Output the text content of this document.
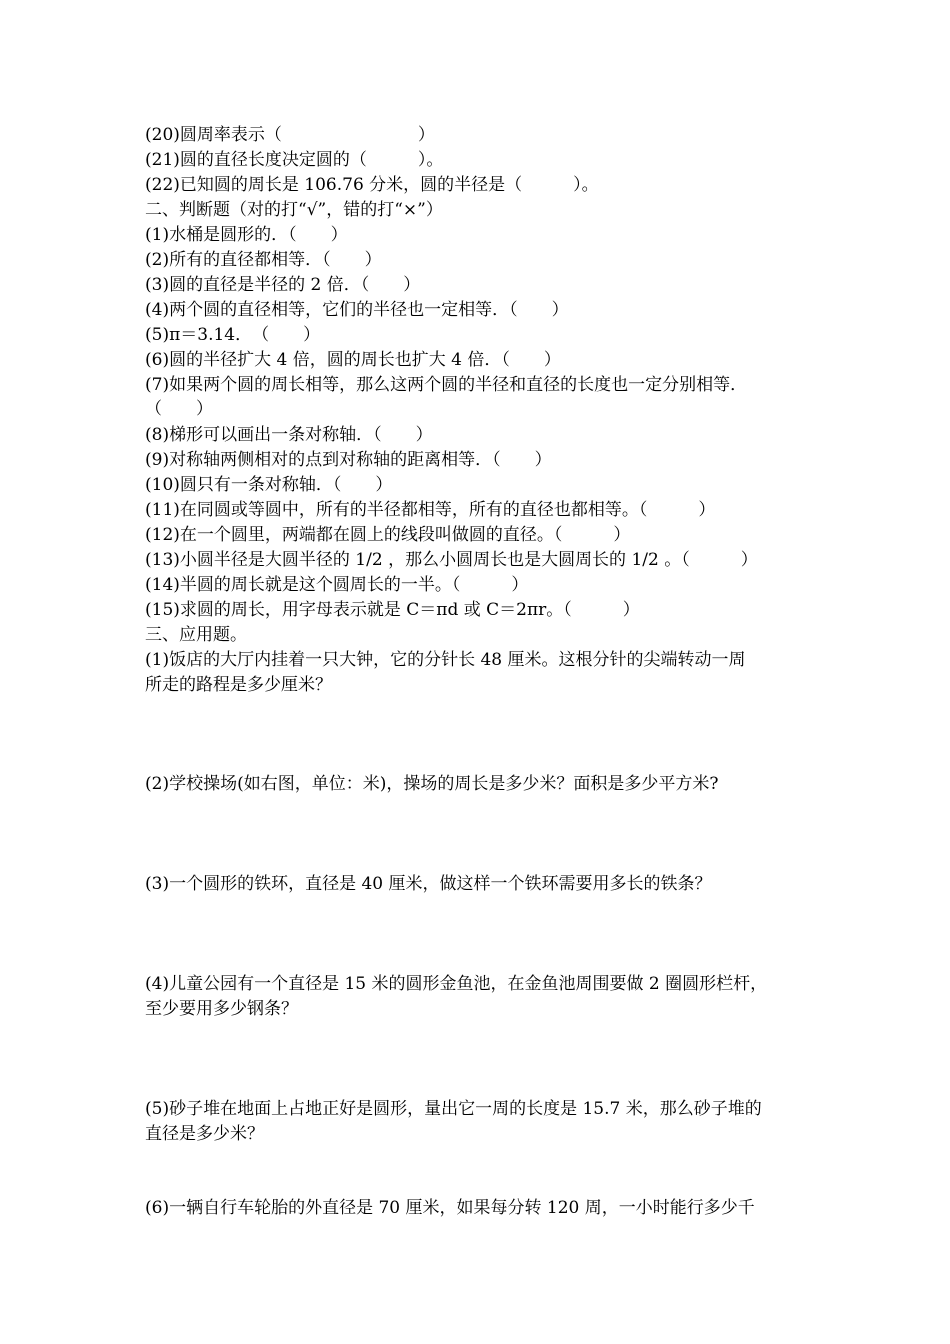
(20)圆周率表示（　　　　　　　　）
(21)圆的直径长度决定圆的（　　　）。
(22)已知圆的周长是 106.76 分米，圆的半径是（　　　）。
二、判断题（对的打“√”，错的打“×”）
(1)水桶是圆形的．（　　）
(2)所有的直径都相等．（　　）
(3)圆的直径是半径的 2 倍．（　　）
(4)两个圆的直径相等，它们的半径也一定相等．（　　）
(5)π＝3.14．　（　　）
(6)圆的半径扩大 4 倍，圆的周长也扩大 4 倍．（　　）
(7)如果两个圆的周长相等，那么这两个圆的半径和直径的长度也一定分别相等．
（　　）
(8)梯形可以画出一条对称轴．（　　）
(9)对称轴两侧相对的点到对称轴的距离相等．（　　）
(10)圆只有一条对称轴．（　　）
(11)在同圆或等圆中，所有的半径都相等，所有的直径也都相等。（　　　）
(12)在一个圆里，两端都在圆上的线段叫做圆的直径。（　　　）
(13)小圆半径是大圆半径的 1/2 ，那么小圆周长也是大圆周长的 1/2 。（　　　）
(14)半圆的周长就是这个圆周长的一半。（　　　）
(15)求圆的周长，用字母表示就是 C＝πd 或 C＝2πr。（　　　）
三、应用题。
(1)饭店的大厅内挂着一只大钟，它的分针长 48 厘米。这根分针的尖端转动一周
所走的路程是多少厘米？
(2)学校操场(如右图，单位：米)，操场的周长是多少米？面积是多少平方米?
(3)一个圆形的铁环，直径是 40 厘米，做这样一个铁环需要用多长的铁条？
(4)儿童公园有一个直径是 15 米的圆形金鱼池，在金鱼池周围要做 2 圈圆形栏杆，
至少要用多少钢条？
(5)砂子堆在地面上占地正好是圆形，量出它一周的长度是 15.7 米，那么砂子堆的
直径是多少米？
(6)一辆自行车轮胎的外直径是 70 厘米，如果每分转 120 周，一小时能行多少千
